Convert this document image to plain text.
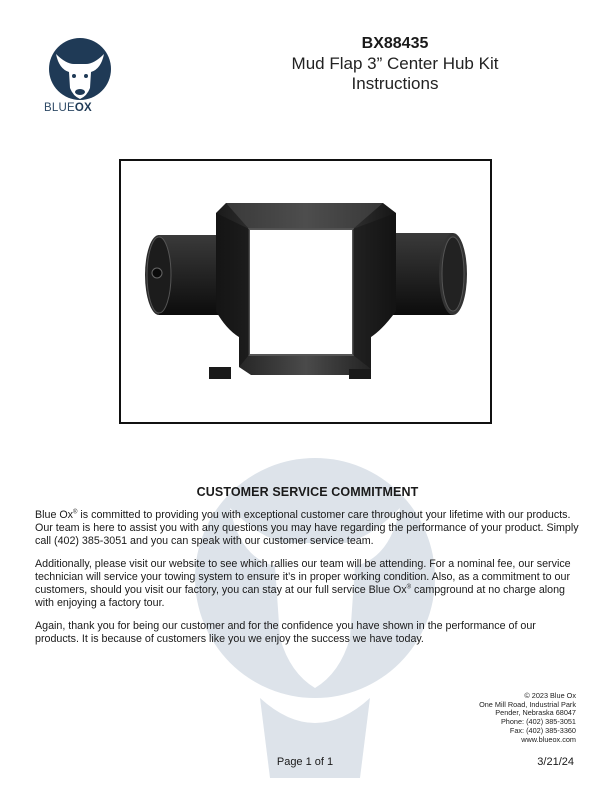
BLUEOX
BX88435
Mud Flap 3” Center Hub Kit
Instructions
CUSTOMER SERVICE COMMITMENT

Blue Ox® is committed to providing you with exceptional customer care throughout your lifetime with our products. Our team is here to assist you with any questions you may have regarding the performance of your product. Simply call (402) 385-3051 and you can speak with our customer service team.

Additionally, please visit our website to see which rallies our team will be attending. For a nominal fee, our service technician will service your towing system to ensure it’s in proper working condition. Also, as a commitment to our customers, should you visit our factory, you can stay at our full service Blue Ox® campground at no charge along with enjoying a factory tour.

Again, thank you for being our customer and for the confidence you have shown in the performance of our products. It is because of customers like you we enjoy the success we have today.

© 2023 Blue Ox
One Mill Road, Industrial Park
Pender, Nebraska 68047
Phone: (402) 385-3051
Fax: (402) 385-3360
www.blueox.com
Page 1 of 1	3/21/24
